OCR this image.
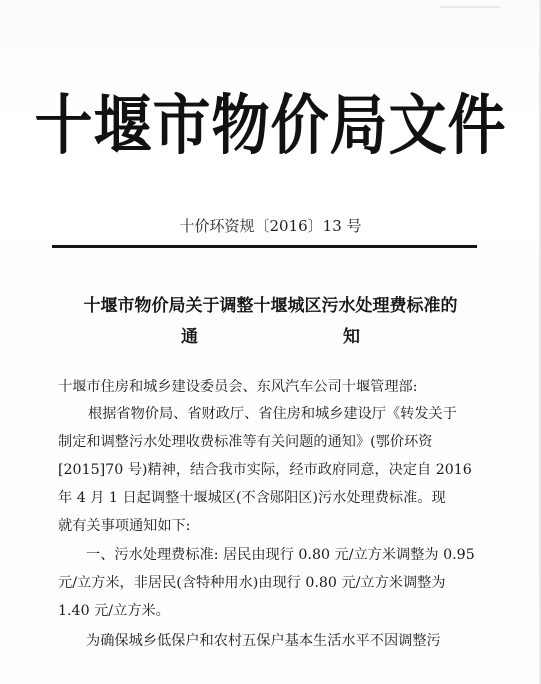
十堰市物价局文件
十价环资规〔2016〕13 号
十堰市物价局关于调整十堰城区污水处理费标准的
通	知
十堰市住房和城乡建设委员会、东风汽车公司十堰管理部:
根据省物价局、省财政厅、省住房和城乡建设厅《转发关于
制定和调整污水处理收费标准等有关问题的通知》(鄂价环资
[2015]70 号)精神，结合我市实际，经市政府同意，决定自 2016
年 4 月 1 日起调整十堰城区(不含郧阳区)污水处理费标准。现
就有关事项通知如下:
一、污水处理费标准: 居民由现行 0.80 元/立方米调整为 0.95
元/立方米，非居民(含特种用水)由现行 0.80 元/立方米调整为
1.40 元/立方米。
为确保城乡低保户和农村五保户基本生活水平不因调整污
